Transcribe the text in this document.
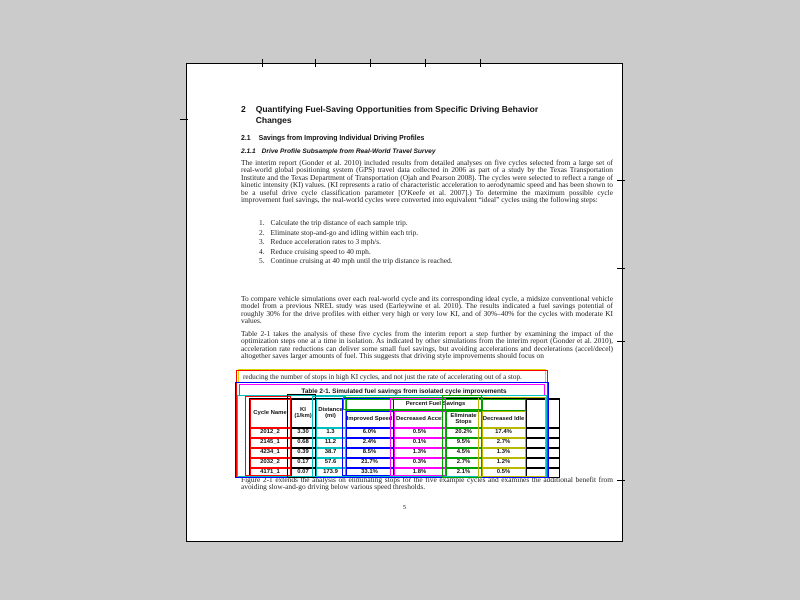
2 Quantifying Fuel-Saving Opportunities from Specific Driving Behavior Changes
2.1 Savings from Improving Individual Driving Profiles
2.1.1 Drive Profile Subsample from Real-World Travel Survey
The interim report (Gonder et al. 2010) included results from detailed analyses on five cycles selected from a large set of real-world global positioning system (GPS) travel data collected in 2006 as part of a study by the Texas Transportation Institute and the Texas Department of Transportation (Ojah and Pearson 2008). The cycles were selected to reflect a range of kinetic intensity (KI) values. (KI represents a ratio of characteristic acceleration to aerodynamic speed and has been shown to be a useful drive cycle classification parameter [O'Keefe et al. 2007].) To determine the maximum possible cycle improvement fuel savings, the real-world cycles were converted into equivalent “ideal” cycles using the following steps:
1. Calculate the trip distance of each sample trip.
2. Eliminate stop-and-go and idling within each trip.
3. Reduce acceleration rates to 3 mph/s.
4. Reduce cruising speed to 40 mph.
5. Continue cruising at 40 mph until the trip distance is reached.
To compare vehicle simulations over each real-world cycle and its corresponding ideal cycle, a midsize conventional vehicle model from a previous NREL study was used (Earleywine et al. 2010). The results indicated a fuel savings potential of roughly 30% for the drive profiles with either very high or very low KI, and of 30%–40% for the cycles with moderate KI values.
Table 2-1 takes the analysis of these five cycles from the interim report a step further by examining the impact of the optimization steps one at a time in isolation. As indicated by other simulations from the interim report (Gonder et al. 2010), acceleration rate reductions can deliver some small fuel savings, but avoiding accelerations and decelerations (accel/decel) altogether saves larger amounts of fuel. This suggests that driving style improvements should focus on
reducing the number of stops in high KI cycles, and not just the rate of accelerating out of a stop.
Table 2-1. Simulated fuel savings from isolated cycle improvements
Cycle Name	KI (1/km)	Distance (mi)	Percent Fuel Savings				
			Improved Speed	Decreased Accel	Eliminate Stops	Decreased Idle	
2012_2	3.30	1.3	6.0%	0.5%	20.2%	17.4%	
2145_1	0.68	11.2	2.4%	0.1%	9.5%	2.7%	
4234_1	0.39	38.7	8.5%	1.3%	4.5%	1.3%	
2032_2	0.17	57.6	21.7%	0.3%	2.7%	1.2%	
4171_1	0.07	173.9	33.1%	1.8%	2.1%	0.5%	
Figure 2-1 extends the analysis on eliminating stops for the five example cycles and examines the additional benefit from avoiding slow-and-go driving below various speed thresholds.
5
